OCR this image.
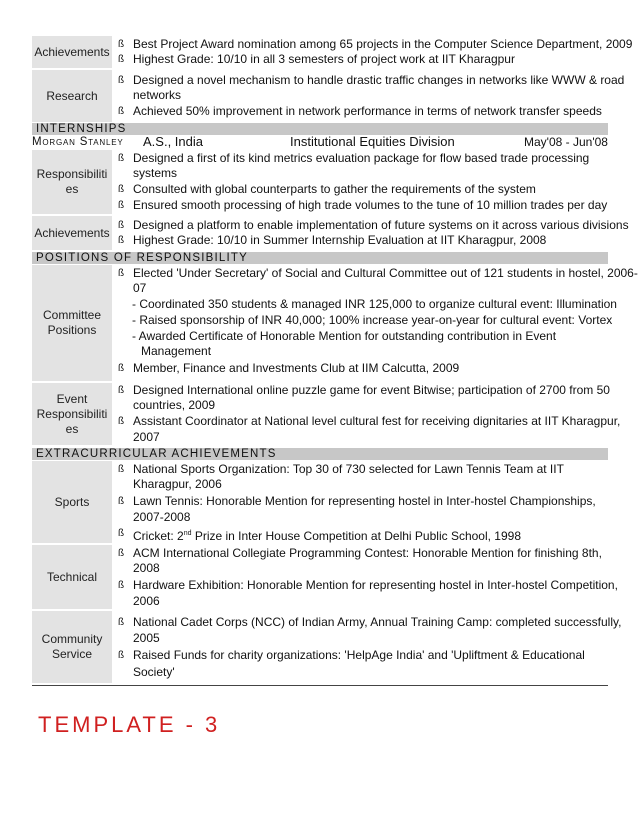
Achievements ß Best Project Award nomination among 65 projects in the Computer Science Department, 2009
ß Highest Grade: 10/10 in all 3 semesters of project work at IIT Kharagpur
Research
ß Designed a novel mechanism to handle drastic traffic changes in networks like WWW & road
networks
ß Achieved 50% improvement in network performance in terms of network transfer speeds
INTERNSHIPS
Morgan Stanley A.S., India	Institutional Equities Division	May'08 - Jun'08
Responsibiliti
es
ß Designed a first of its kind metrics evaluation package for flow based trade processing
systems
ß Consulted with global counterparts to gather the requirements of the system
ß Ensured smooth processing of high trade volumes to the tune of 10 million trades per day
Achievements ß Designed a platform to enable implementation of future systems on it across various divisions
ß Highest Grade: 10/10 in Summer Internship Evaluation at IIT Kharagpur, 2008
POSITIONS OF RESPONSIBILITY
Committee
Positions
ß Elected 'Under Secretary' of Social and Cultural Committee out of 121 students in hostel, 2006-
07
- Coordinated 350 students & managed INR 125,000 to organize cultural event: Illumination
- Raised sponsorship of INR 40,000; 100% increase year-on-year for cultural event: Vortex
- Awarded Certificate of Honorable Mention for outstanding contribution in Event
Management
ß Member, Finance and Investments Club at IIM Calcutta, 2009
Event
Responsibiliti
es
ß Designed International online puzzle game for event Bitwise; participation of 2700 from 50
countries, 2009
ß Assistant Coordinator at National level cultural fest for receiving dignitaries at IIT Kharagpur,
2007
EXTRACURRICULAR ACHIEVEMENTS
Sports
ß National Sports Organization: Top 30 of 730 selected for Lawn Tennis Team at IIT
Kharagpur, 2006
ß Lawn Tennis: Honorable Mention for representing hostel in Inter-hostel Championships,
2007-2008
ß Cricket: 2nd Prize in Inter House Competition at Delhi Public School, 1998
Technical
ß ACM International Collegiate Programming Contest: Honorable Mention for finishing 8th,
2008
ß Hardware Exhibition: Honorable Mention for representing hostel in Inter-hostel Competition,
2006
Community
Service
ß National Cadet Corps (NCC) of Indian Army, Annual Training Camp: completed successfully,
2005
ß Raised Funds for charity organizations: 'HelpAge India' and 'Upliftment & Educational
Society'
TEMPLATE - 3
